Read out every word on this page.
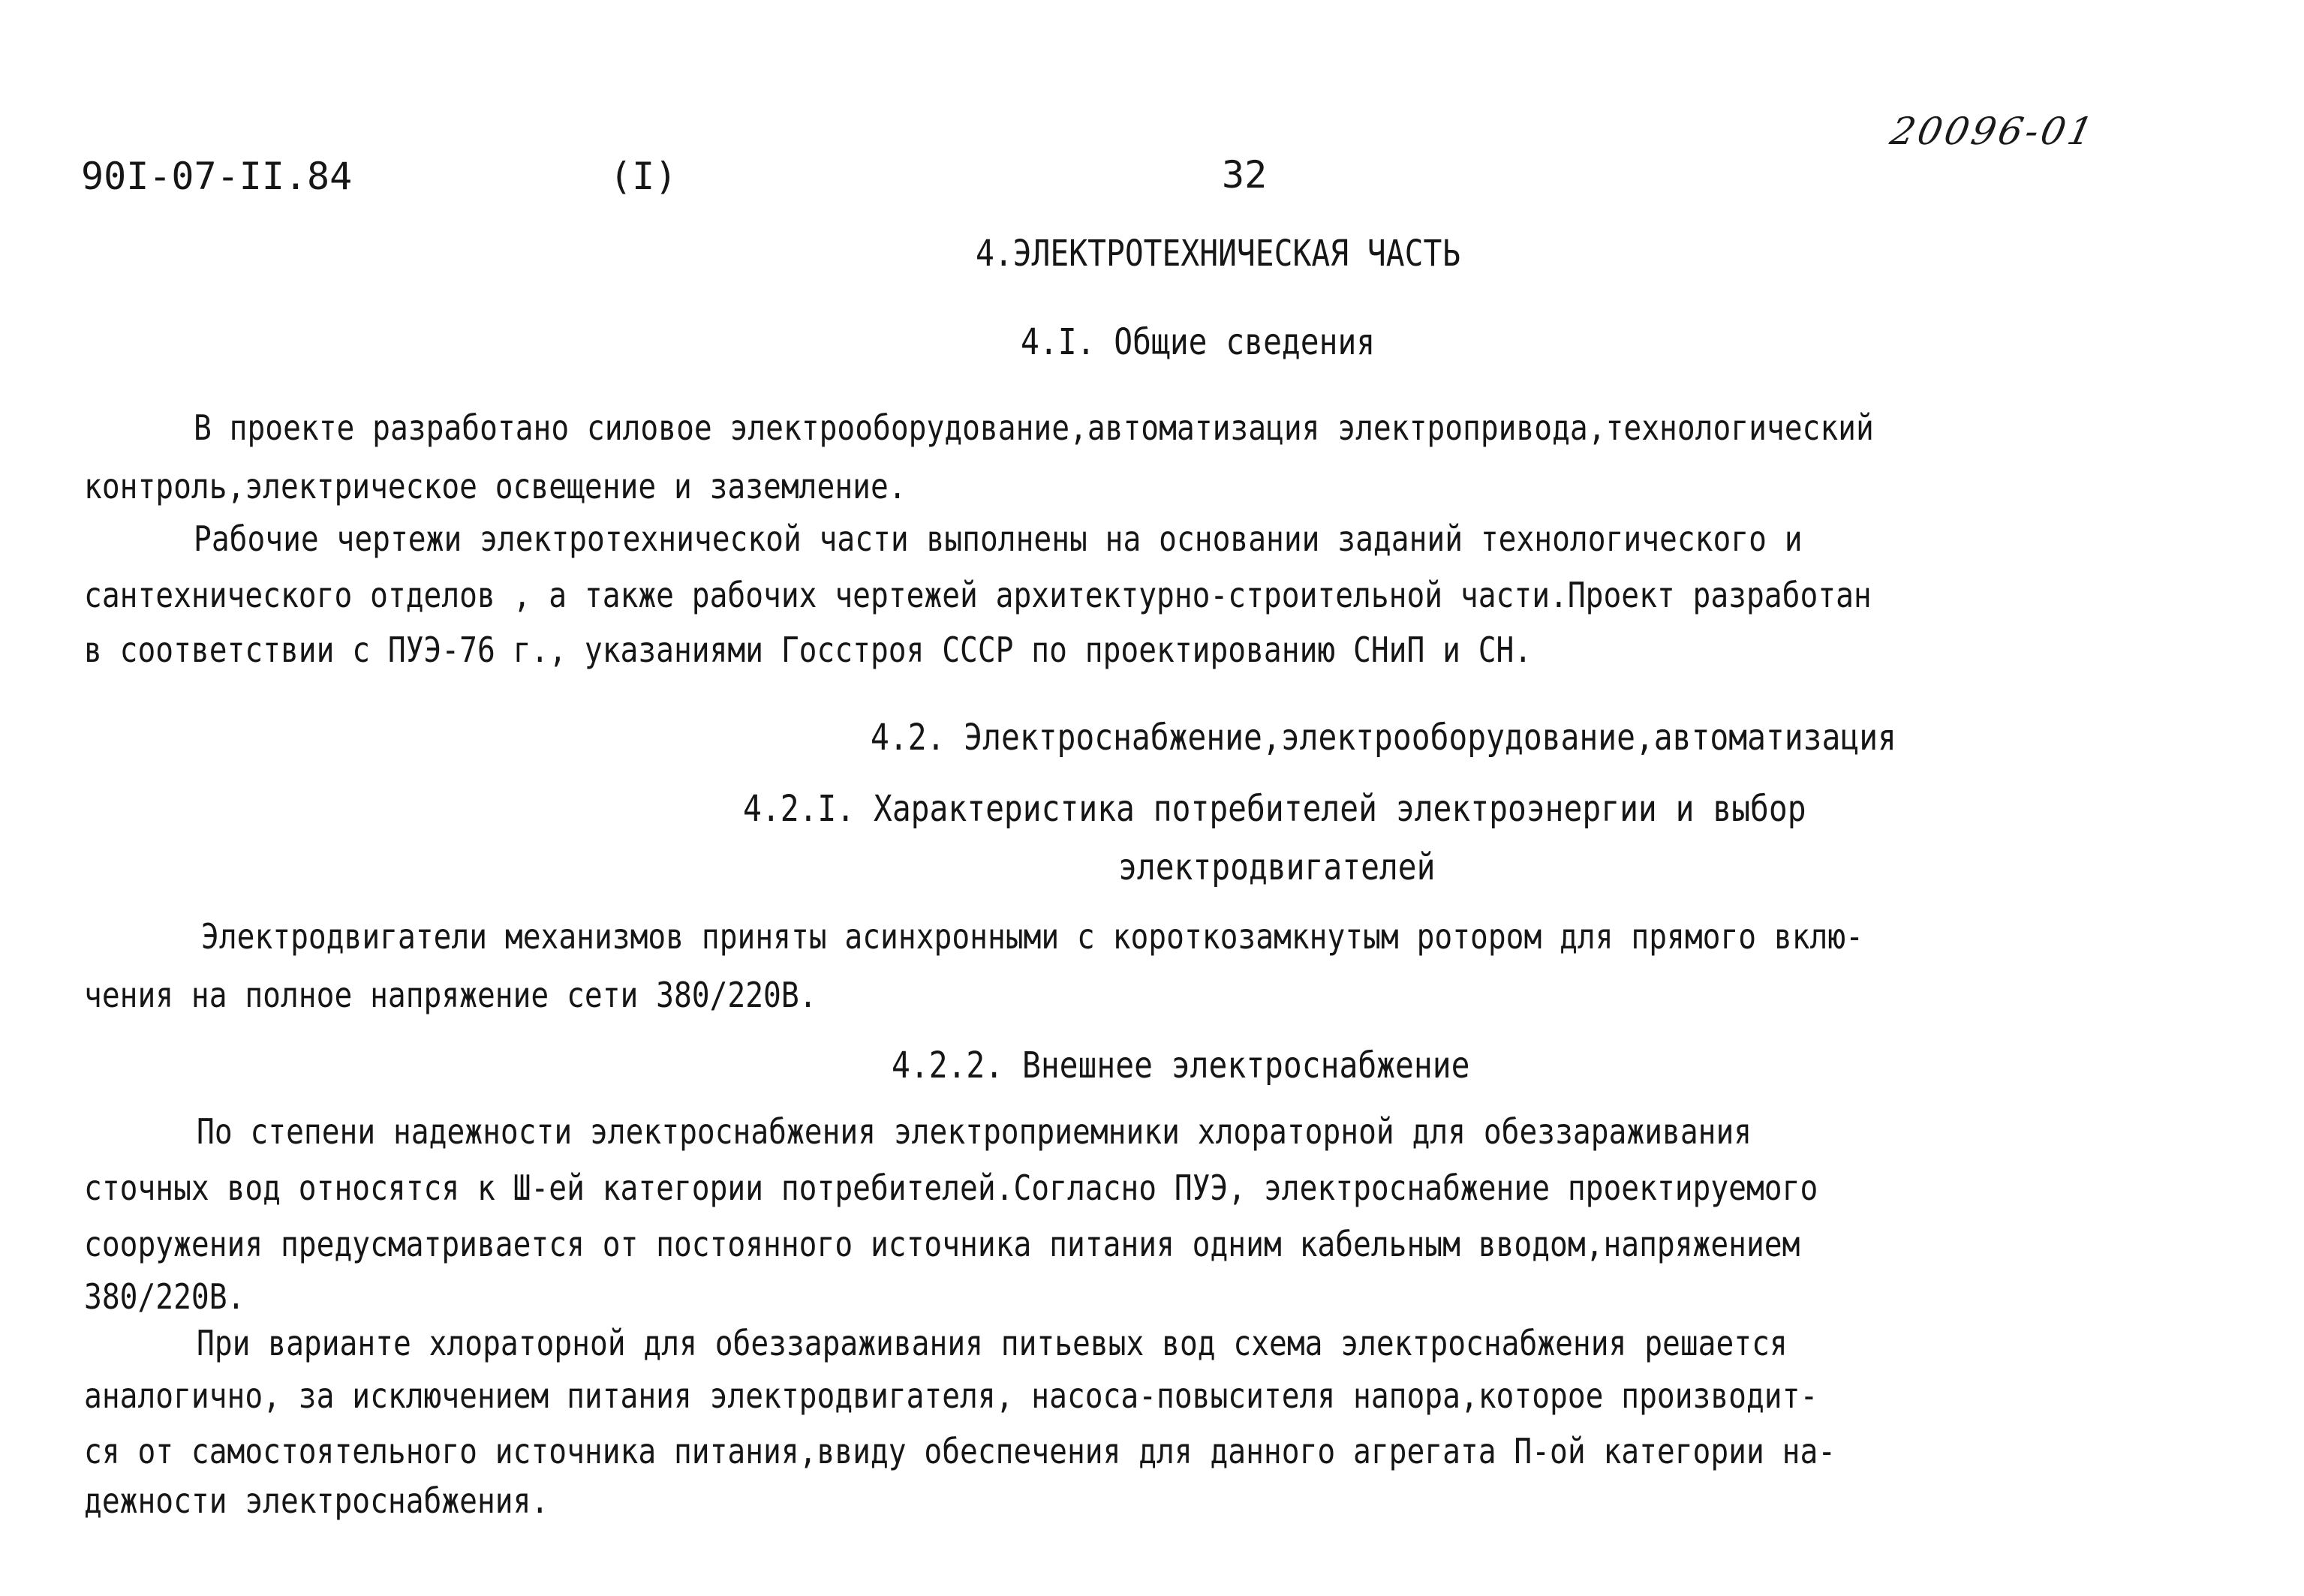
90I-07-II.84	(I)	32
20096-01
4.ЭЛЕКТРОТЕХНИЧЕСКАЯ ЧАСТЬ
4.I. Общие сведения
В проекте разработано силовое электрооборудование,автоматизация электропривода,технологический
контроль,электрическое освещение и заземление.
Рабочие чертежи электротехнической части выполнены на основании заданий технологического и
сантехнического отделов , а также рабочих чертежей архитектурно-строительной части.Проект разработан
в соответствии с ПУЭ-76 г., указаниями Госстроя СССР по проектированию СНиП и СН.
4.2. Электроснабжение,электрооборудование,автоматизация
4.2.I. Характеристика потребителей электроэнергии и выбор
электродвигателей
Электродвигатели механизмов приняты асинхронными с короткозамкнутым ротором для прямого вклю-
чения на полное напряжение сети 380/220В.
4.2.2. Внешнее электроснабжение
По степени надежности электроснабжения электроприемники хлораторной для обеззараживания
сточных вод относятся к Ш-ей категории потребителей.Согласно ПУЭ, электроснабжение проектируемого
сооружения предусматривается от постоянного источника питания одним кабельным вводом,напряжением
380/220В.
При варианте хлораторной для обеззараживания питьевых вод схема электроснабжения решается
аналогично, за исключением питания электродвигателя, насоса-повысителя напора,которое производит-
ся от самостоятельного источника питания,ввиду обеспечения для данного агрегата П-ой категории на-
дежности электроснабжения.
